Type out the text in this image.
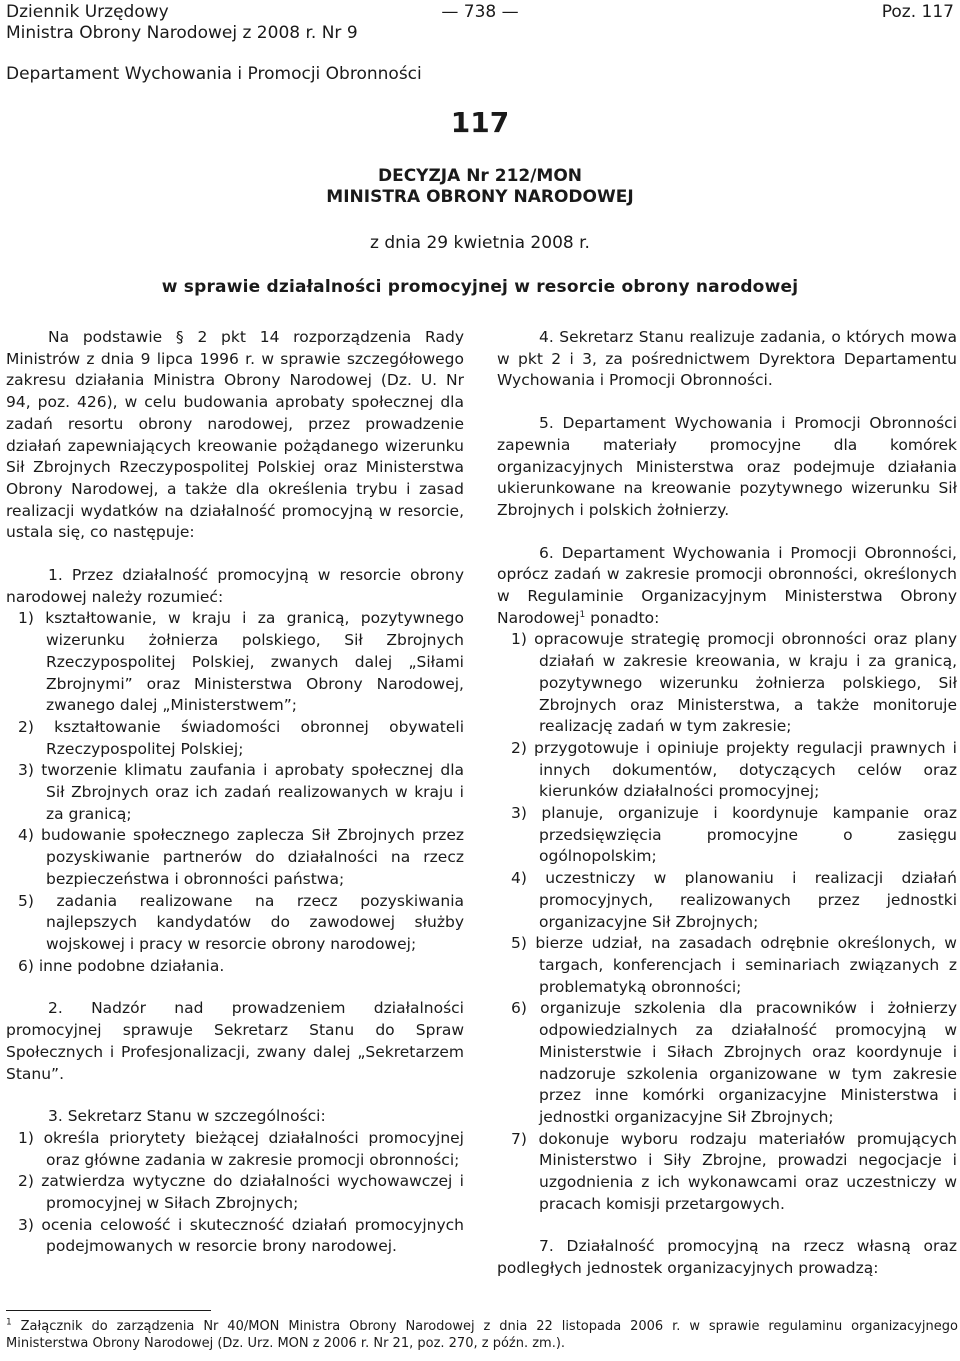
Dziennik Urzędowy
Ministra Obrony Narodowej z 2008 r. Nr 9
— 738 —	Poz. 117
Departament Wychowania i Promocji Obronności
117
DECYZJA Nr 212/MON
MINISTRA OBRONY NARODOWEJ
z dnia 29 kwietnia 2008 r.
w sprawie działalności promocyjnej w resorcie obrony narodowej

Na podstawie § 2 pkt 14 rozporządzenia Rady Ministrów z dnia 9 lipca 1996 r. w sprawie szczegółowego zakresu działania Ministra Obrony Narodowej (Dz. U. Nr 94, poz. 426), w celu budowania aprobaty społecznej dla zadań resortu obrony narodowej, przez prowadzenie działań zapewniających kreowanie pożądanego wizerunku Sił Zbrojnych Rzeczypospolitej Polskiej oraz Ministerstwa Obrony Narodowej, a także dla określenia trybu i zasad realizacji wydatków na działalność promocyjną w resorcie, ustala się, co następuje:

1. Przez działalność promocyjną w resorcie obrony narodowej należy rozumieć:

1) kształtowanie, w kraju i za granicą, pozytywnego wizerunku żołnierza polskiego, Sił Zbrojnych Rzeczypospolitej Polskiej, zwanych dalej „Siłami Zbrojnymi” oraz Ministerstwa Obrony Narodowej, zwanego dalej „Ministerstwem”;

2) kształtowanie świadomości obronnej obywateli Rzeczypospolitej Polskiej;

3) tworzenie klimatu zaufania i aprobaty społecznej dla Sił Zbrojnych oraz ich zadań realizowanych w kraju i za granicą;

4) budowanie społecznego zaplecza Sił Zbrojnych przez pozyskiwanie partnerów do działalności na rzecz bezpieczeństwa i obronności państwa;

5) zadania realizowane na rzecz pozyskiwania najlepszych kandydatów do zawodowej służby wojskowej i pracy w resorcie obrony narodowej;

6) inne podobne działania.

2. Nadzór nad prowadzeniem działalności promocyjnej sprawuje Sekretarz Stanu do Spraw Społecznych i Profesjonalizacji, zwany dalej „Sekretarzem Stanu”.

3. Sekretarz Stanu w szczególności:

1) określa priorytety bieżącej działalności promocyjnej oraz główne zadania w zakresie promocji obronności;

2) zatwierdza wytyczne do działalności wychowawczej i promocyjnej w Siłach Zbrojnych;

3) ocenia celowość i skuteczność działań promocyjnych podejmowanych w resorcie brony narodowej.

4. Sekretarz Stanu realizuje zadania, o których mowa w pkt 2 i 3, za pośrednictwem Dyrektora Departamentu Wychowania i Promocji Obronności.

5. Departament Wychowania i Promocji Obronności zapewnia materiały promocyjne dla komórek organizacyjnych Ministerstwa oraz podejmuje działania ukierunkowane na kreowanie pozytywnego wizerunku Sił Zbrojnych i polskich żołnierzy.

6. Departament Wychowania i Promocji Obronności, oprócz zadań w zakresie promocji obronności, określonych w Regulaminie Organizacyjnym Ministerstwa Obrony Narodowej$^1$ ponadto:

1) opracowuje strategię promocji obronności oraz plany działań w zakresie kreowania, w kraju i za granicą, pozytywnego wizerunku żołnierza polskiego, Sił Zbrojnych oraz Ministerstwa, a także monitoruje realizację zadań w tym zakresie;

2) przygotowuje i opiniuje projekty regulacji prawnych i innych dokumentów, dotyczących celów oraz kierunków działalności promocyjnej;

3) planuje, organizuje i koordynuje kampanie oraz przedsięwzięcia promocyjne o zasięgu ogólnopolskim;

4) uczestniczy w planowaniu i realizacji działań promocyjnych, realizowanych przez jednostki organizacyjne Sił Zbrojnych;

5) bierze udział, na zasadach odrębnie określonych, w targach, konferencjach i seminariach związanych z problematyką obronności;

6) organizuje szkolenia dla pracowników i żołnierzy odpowiedzialnych za działalność promocyjną w Ministerstwie i Siłach Zbrojnych oraz koordynuje i nadzoruje szkolenia organizowane w tym zakresie przez inne komórki organizacyjne Ministerstwa i jednostki organizacyjne Sił Zbrojnych;

7) dokonuje wyboru rodzaju materiałów promujących Ministerstwo i Siły Zbrojne, prowadzi negocjacje i uzgodnienia z ich wykonawcami oraz uczestniczy w pracach komisji przetargowych.

7. Działalność promocyjną na rzecz własną oraz podległych jednostek organizacyjnych prowadzą:

$^1$ Załącznik do zarządzenia Nr 40/MON Ministra Obrony Narodowej z dnia 22 listopada 2006 r. w sprawie regulaminu organizacyjnego Ministerstwa Obrony Narodowej (Dz. Urz. MON z 2006 r. Nr 21, poz. 270, z późn. zm.).
